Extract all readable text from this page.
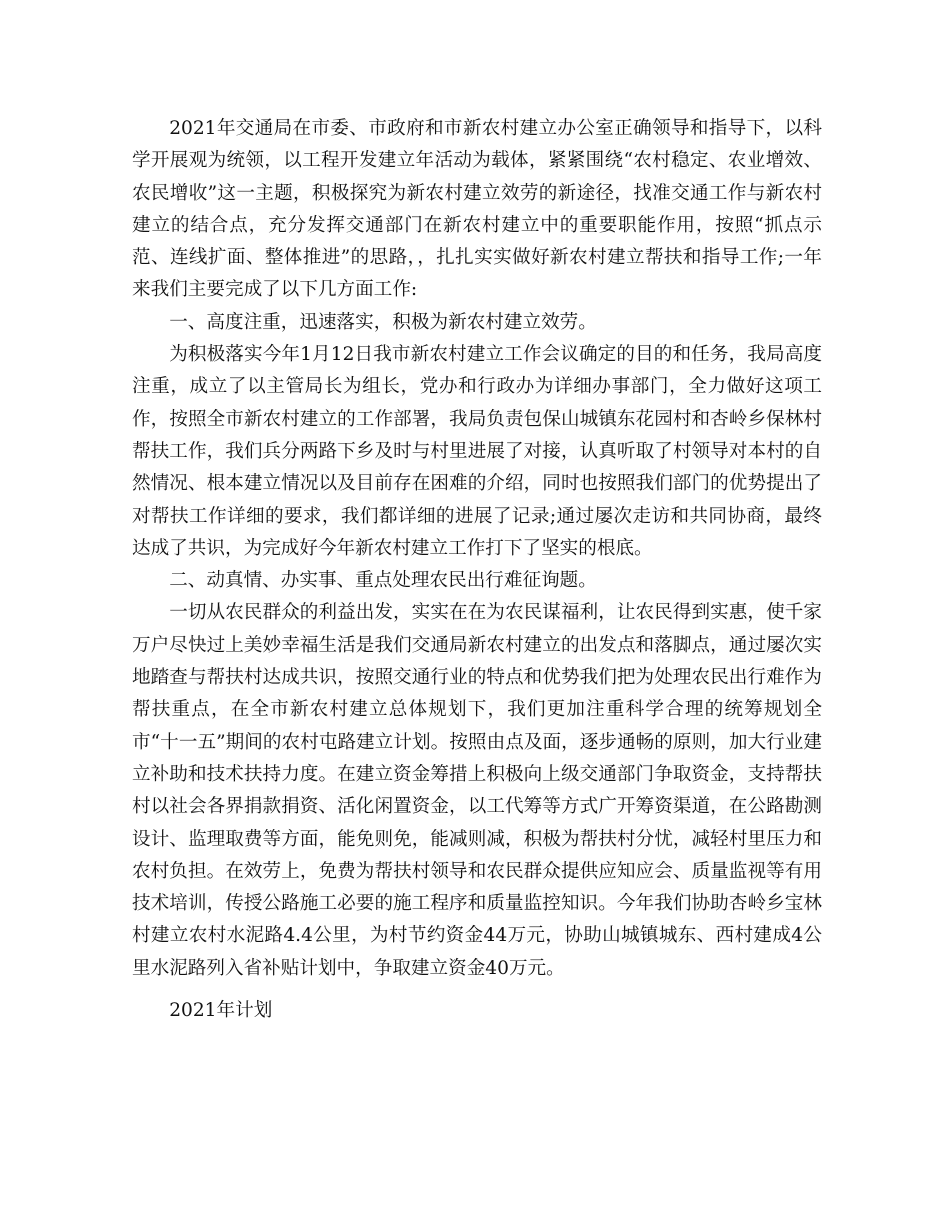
2021年交通局在市委、市政府和市新农村建立办公室正确领导和指导下，以科学开展观为统领，以工程开发建立年活动为载体，紧紧围绕“农村稳定、农业增效、农民增收”这一主题，积极探究为新农村建立效劳的新途径，找准交通工作与新农村建立的结合点，充分发挥交通部门在新农村建立中的重要职能作用，按照“抓点示范、连线扩面、整体推进”的思路，，扎扎实实做好新农村建立帮扶和指导工作;一年来我们主要完成了以下几方面工作:

一、高度注重，迅速落实，积极为新农村建立效劳。

为积极落实今年1月12日我市新农村建立工作会议确定的目的和任务，我局高度注重，成立了以主管局长为组长，党办和行政办为详细办事部门，全力做好这项工作，按照全市新农村建立的工作部署，我局负责包保山城镇东花园村和杏岭乡保林村帮扶工作，我们兵分两路下乡及时与村里进展了对接，认真听取了村领导对本村的自然情况、根本建立情况以及目前存在困难的介绍，同时也按照我们部门的优势提出了对帮扶工作详细的要求，我们都详细的进展了记录;通过屡次走访和共同协商，最终达成了共识，为完成好今年新农村建立工作打下了坚实的根底。

二、动真情、办实事、重点处理农民出行难征询题。

一切从农民群众的利益出发，实实在在为农民谋福利，让农民得到实惠，使千家万户尽快过上美妙幸福生活是我们交通局新农村建立的出发点和落脚点，通过屡次实地踏查与帮扶村达成共识，按照交通行业的特点和优势我们把为处理农民出行难作为帮扶重点，在全市新农村建立总体规划下，我们更加注重科学合理的统筹规划全市“十一五”期间的农村屯路建立计划。按照由点及面，逐步通畅的原则，加大行业建立补助和技术扶持力度。在建立资金筹措上积极向上级交通部门争取资金，支持帮扶村以社会各界捐款捐资、活化闲置资金，以工代筹等方式广开筹资渠道，在公路勘测设计、监理取费等方面，能免则免，能减则减，积极为帮扶村分忧，减轻村里压力和农村负担。在效劳上，免费为帮扶村领导和农民群众提供应知应会、质量监视等有用技术培训，传授公路施工必要的施工程序和质量监控知识。今年我们协助杏岭乡宝林村建立农村水泥路4.4公里，为村节约资金44万元，协助山城镇城东、西村建成4公里水泥路列入省补贴计划中，争取建立资金40万元。

2021年计划
